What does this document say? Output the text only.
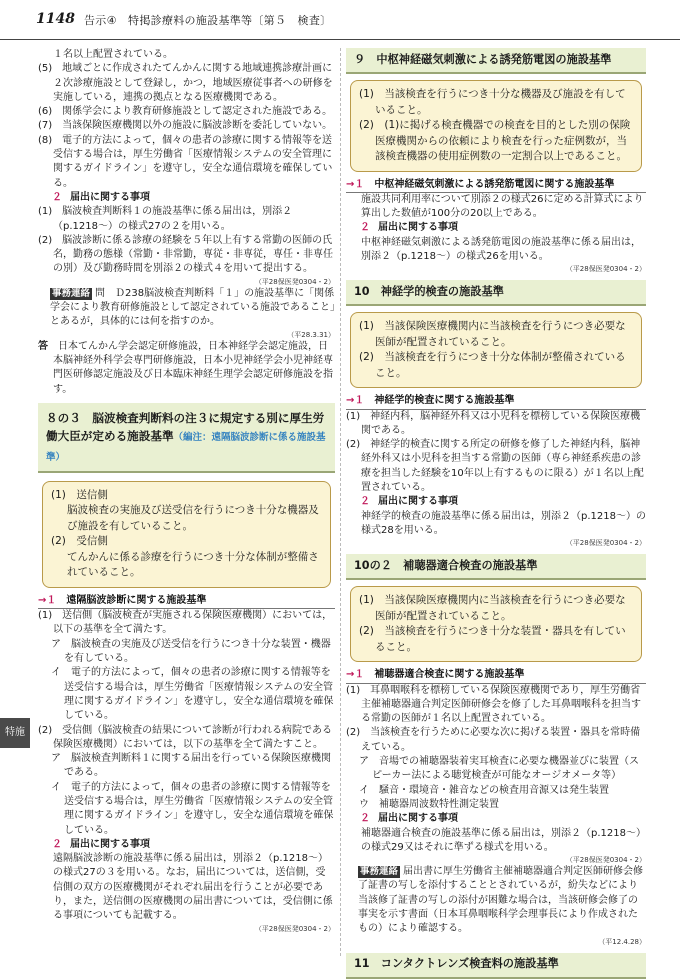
1148 告示④　特掲診療料の施設基準等〔第５　検査〕
特施

１名以上配置されている。

(5)　地域ごとに作成されたてんかんに関する地域連携診療計画に２次診療施設として登録し，かつ，地域医療従事者への研修を実施している，連携の拠点となる医療機関である。

(6)　関係学会により教育研修施設として認定された施設である。

(7)　当該保険医療機関以外の施設に脳波診断を委託していない。

(8)　電子的方法によって，個々の患者の診療に関する情報等を送受信する場合は，厚生労働省「医療情報システムの安全管理に関するガイドライン」を遵守し，安全な通信環境を確保している。

２ 届出に関する事項

(1)　脳波検査判断料１の施設基準に係る届出は，別添２（p.1218〜）の様式27の２を用いる。

(2)　脳波診断に係る診療の経験を５年以上有する常勤の医師の氏名，勤務の態様（常勤・非常勤，専従・非専従，専任・非専任の別）及び勤務時間を別添２の様式４を用いて提出する。

（平28保医発0304・2）

事務連絡 問　Ｄ238脳波検査判断料「１」の施設基準に「関係学会により教育研修施設として認定されている施設であること」とあるが，具体的には何を指すのか。

（平28.3.31）

答　 日本てんかん学会認定研修施設，日本神経学会認定施設，日本脳神経外科学会専門研修施設，日本小児神経学会小児神経専門医研修認定施設及び日本臨床神経生理学会認定研修施設を指す。

８の３　脳波検査判断料の注３に規定する別に厚生労働大臣が定める施設基準（編注：遠隔脳波診断に係る施設基準）

(1)　送信側

脳波検査の実施及び送受信を行うにつき十分な機器及び施設を有していること。

(2)　受信側

てんかんに係る診療を行うにつき十分な体制が整備されていること。

→１　 遠隔脳波診断に関する施設基準

(1)　送信側（脳波検査が実施される保険医療機関）においては，以下の基準を全て満たす。

ア　脳波検査の実施及び送受信を行うにつき十分な装置・機器を有している。

イ　電子的方法によって，個々の患者の診療に関する情報等を送受信する場合は，厚生労働省「医療情報システムの安全管理に関するガイドライン」を遵守し，安全な通信環境を確保している。

(2)　受信側（脳波検査の結果について診断が行われる病院である保険医療機関）においては，以下の基準を全て満たすこと。

ア　脳波検査判断料１に関する届出を行っている保険医療機関である。

イ　電子的方法によって，個々の患者の診療に関する情報等を送受信する場合は，厚生労働省「医療情報システムの安全管理に関するガイドライン」を遵守し，安全な通信環境を確保している。

２ 届出に関する事項

遠隔脳波診断の施設基準に係る届出は，別添２（p.1218〜）の様式27の３を用いる。なお，届出については，送信側，受信側の双方の医療機関がそれぞれ届出を行うことが必要であり，また，送信側の医療機関の届出書については，受信側に係る事項についても記載する。

（平28保医発0304・2）
９　中枢神経磁気刺激による誘発筋電図の施設基準

(1)　当該検査を行うにつき十分な機器及び施設を有していること。

(2)　(1)に掲げる検査機器での検査を目的とした別の保険医療機関からの依頼により検査を行った症例数が，当該検査機器の使用症例数の一定割合以上であること。

→１　 中枢神経磁気刺激による誘発筋電図に関する施設基準

施設共同利用率について別添２の様式26に定める計算式により算出した数値が100分の20以上である。

２ 届出に関する事項

中枢神経磁気刺激による誘発筋電図の施設基準に係る届出は，別添２（p.1218〜）の様式26を用いる。

（平28保医発0304・2）
10　神経学的検査の施設基準

(1)　当該保険医療機関内に当該検査を行うにつき必要な医師が配置されていること。

(2)　当該検査を行うにつき十分な体制が整備されていること。

→１　 神経学的検査に関する施設基準

(1)　神経内科，脳神経外科又は小児科を標榜している保険医療機関である。

(2)　神経学的検査に関する所定の研修を修了した神経内科，脳神経外科又は小児科を担当する常勤の医師（専ら神経系疾患の診療を担当した経験を10年以上有するものに限る）が１名以上配置されている。

２ 届出に関する事項

神経学的検査の施設基準に係る届出は，別添２（p.1218〜）の様式28を用いる。

（平28保医発0304・2）
10の２　補聴器適合検査の施設基準

(1)　当該保険医療機関内に当該検査を行うにつき必要な医師が配置されていること。

(2)　当該検査を行うにつき十分な装置・器具を有していること。

→１　 補聴器適合検査に関する施設基準

(1)　耳鼻咽喉科を標榜している保険医療機関であり，厚生労働省主催補聴器適合判定医師研修会を修了した耳鼻咽喉科を担当する常勤の医師が１名以上配置されている。

(2)　当該検査を行うために必要な次に掲げる装置・器具を常時備えている。

ア　音場での補聴器装着実耳検査に必要な機器並びに装置（スピーカー法による聴覚検査が可能なオージオメータ等）

イ　騒音・環境音・雑音などの検査用音源又は発生装置

ウ　補聴器周波数特性測定装置

２ 届出に関する事項

補聴器適合検査の施設基準に係る届出は，別添２（p.1218〜）の様式29又はそれに準ずる様式を用いる。

（平28保医発0304・2）

事務連絡 届出書に厚生労働省主催補聴器適合判定医師研修会修了証書の写しを添付することとされているが，紛失などにより当該修了証書の写しの添付が困難な場合は，当該研修会修了の事実を示す書面（日本耳鼻咽喉科学会理事長により作成されたもの）により確認する。

（平12.4.28）
11　コンタクトレンズ検査料の施設基準
